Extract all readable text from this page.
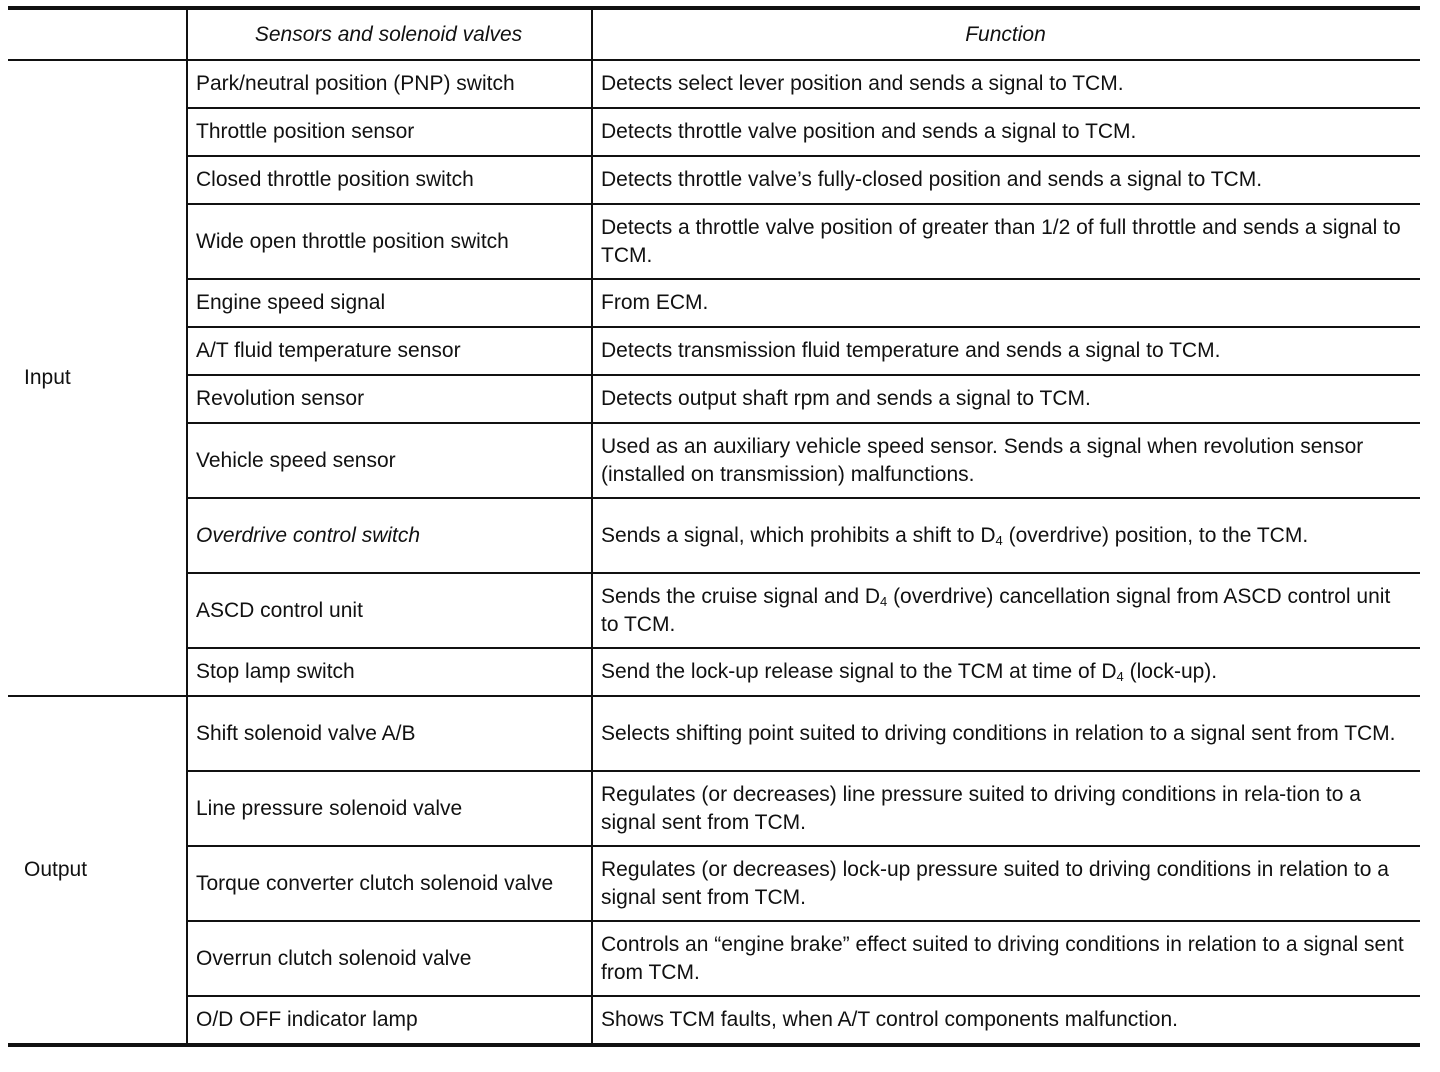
	Sensors and solenoid valves	Function
Input	Park/neutral position (PNP) switch	Detects select lever position and sends a signal to TCM.
	Throttle position sensor	Detects throttle valve position and sends a signal to TCM.
	Closed throttle position switch	Detects throttle valve’s fully-closed position and sends a signal to TCM.
	Wide open throttle position switch	Detects a throttle valve position of greater than 1/2 of full throttle and sends a signal to TCM.
	Engine speed signal	From ECM.
	A/T fluid temperature sensor	Detects transmission fluid temperature and sends a signal to TCM.
	Revolution sensor	Detects output shaft rpm and sends a signal to TCM.
	Vehicle speed sensor	Used as an auxiliary vehicle speed sensor. Sends a signal when revolution sensor (installed on transmission) malfunctions.
	Overdrive control switch	Sends a signal, which prohibits a shift to $D_4$ (overdrive) position, to the TCM.
	ASCD control unit	Sends the cruise signal and $D_4$ (overdrive) cancellation signal from ASCD control unit to TCM.
	Stop lamp switch	Send the lock-up release signal to the TCM at time of $D_4$ (lock-up).
Output	Shift solenoid valve A/B	Selects shifting point suited to driving conditions in relation to a signal sent from TCM.
	Line pressure solenoid valve	Regulates (or decreases) line pressure suited to driving conditions in rela-tion to a signal sent from TCM.
	Torque converter clutch solenoid valve	Regulates (or decreases) lock-up pressure suited to driving conditions in relation to a signal sent from TCM.
	Overrun clutch solenoid valve	Controls an “engine brake” effect suited to driving conditions in relation to a signal sent from TCM.
	O/D OFF indicator lamp	Shows TCM faults, when A/T control components malfunction.
